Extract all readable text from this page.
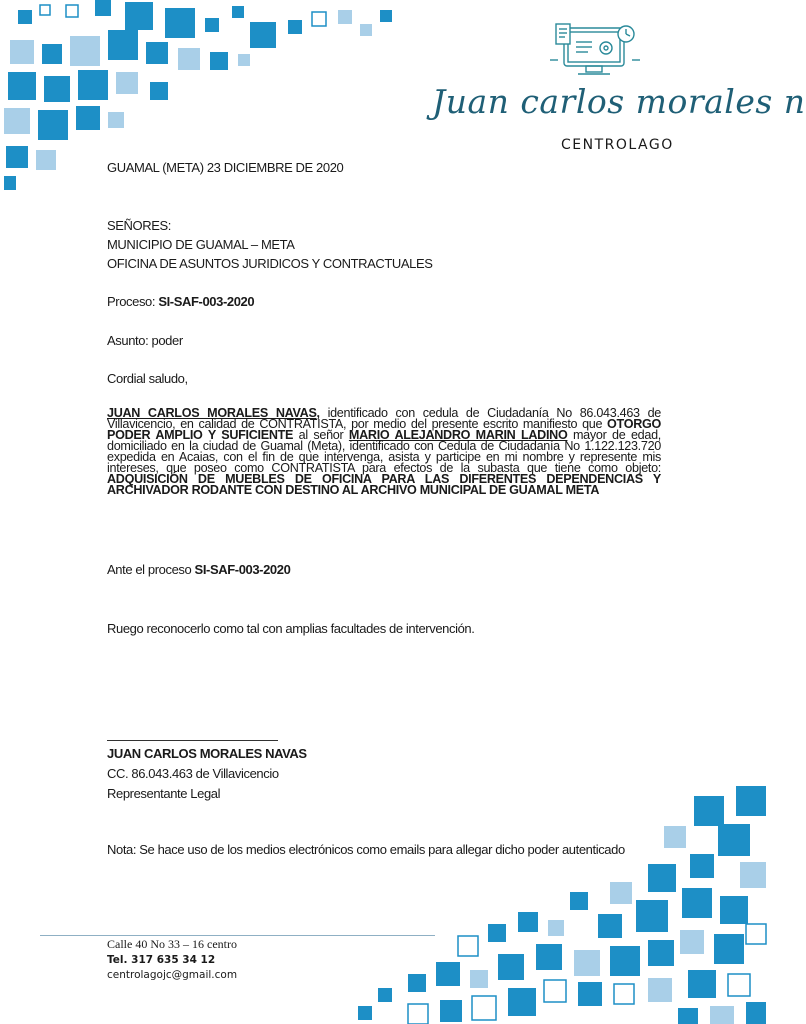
Juan carlos morales n
CENTROLAGO
GUAMAL (META) 23 DICIEMBRE DE 2020
SEÑORES:
MUNICIPIO DE GUAMAL – META
OFICINA DE ASUNTOS JURIDICOS Y CONTRACTUALES
Proceso: SI-SAF-003-2020
Asunto: poder
Cordial saludo,
JUAN CARLOS MORALES NAVAS, identificado con cedula de Ciudadanía No 86.043.463 de Villavicencio, en calidad de CONTRATISTA, por medio del presente escrito manifiesto que OTORGO PODER AMPLIO Y SUFICIENTE al señor MARIO ALEJANDRO MARIN LADINO mayor de edad, domiciliado en la ciudad de Guamal (Meta), identificado con Cedula de Ciudadanía No 1.122.123.720 expedida en Acaias, con el fin de que intervenga, asista y participe en mi nombre y represente mis intereses, que poseo como CONTRATISTA para efectos de la subasta que tiene como objeto: ADQUISICIÓN DE MUEBLES DE OFICINA PARA LAS DIFERENTES DEPENDENCIAS Y ARCHIVADOR RODANTE CON DESTINO AL ARCHIVO MUNICIPAL DE GUAMAL META
Ante el proceso SI-SAF-003-2020
Ruego reconocerlo como tal con amplias facultades de intervención.
JUAN CARLOS MORALES NAVAS
CC. 86.043.463 de Villavicencio
Representante Legal
Nota: Se hace uso de los medios electrónicos como emails para allegar dicho poder autenticado
Calle 40 No 33 – 16 centro
Tel. 317 635 34 12
centrolagojc@gmail.com
